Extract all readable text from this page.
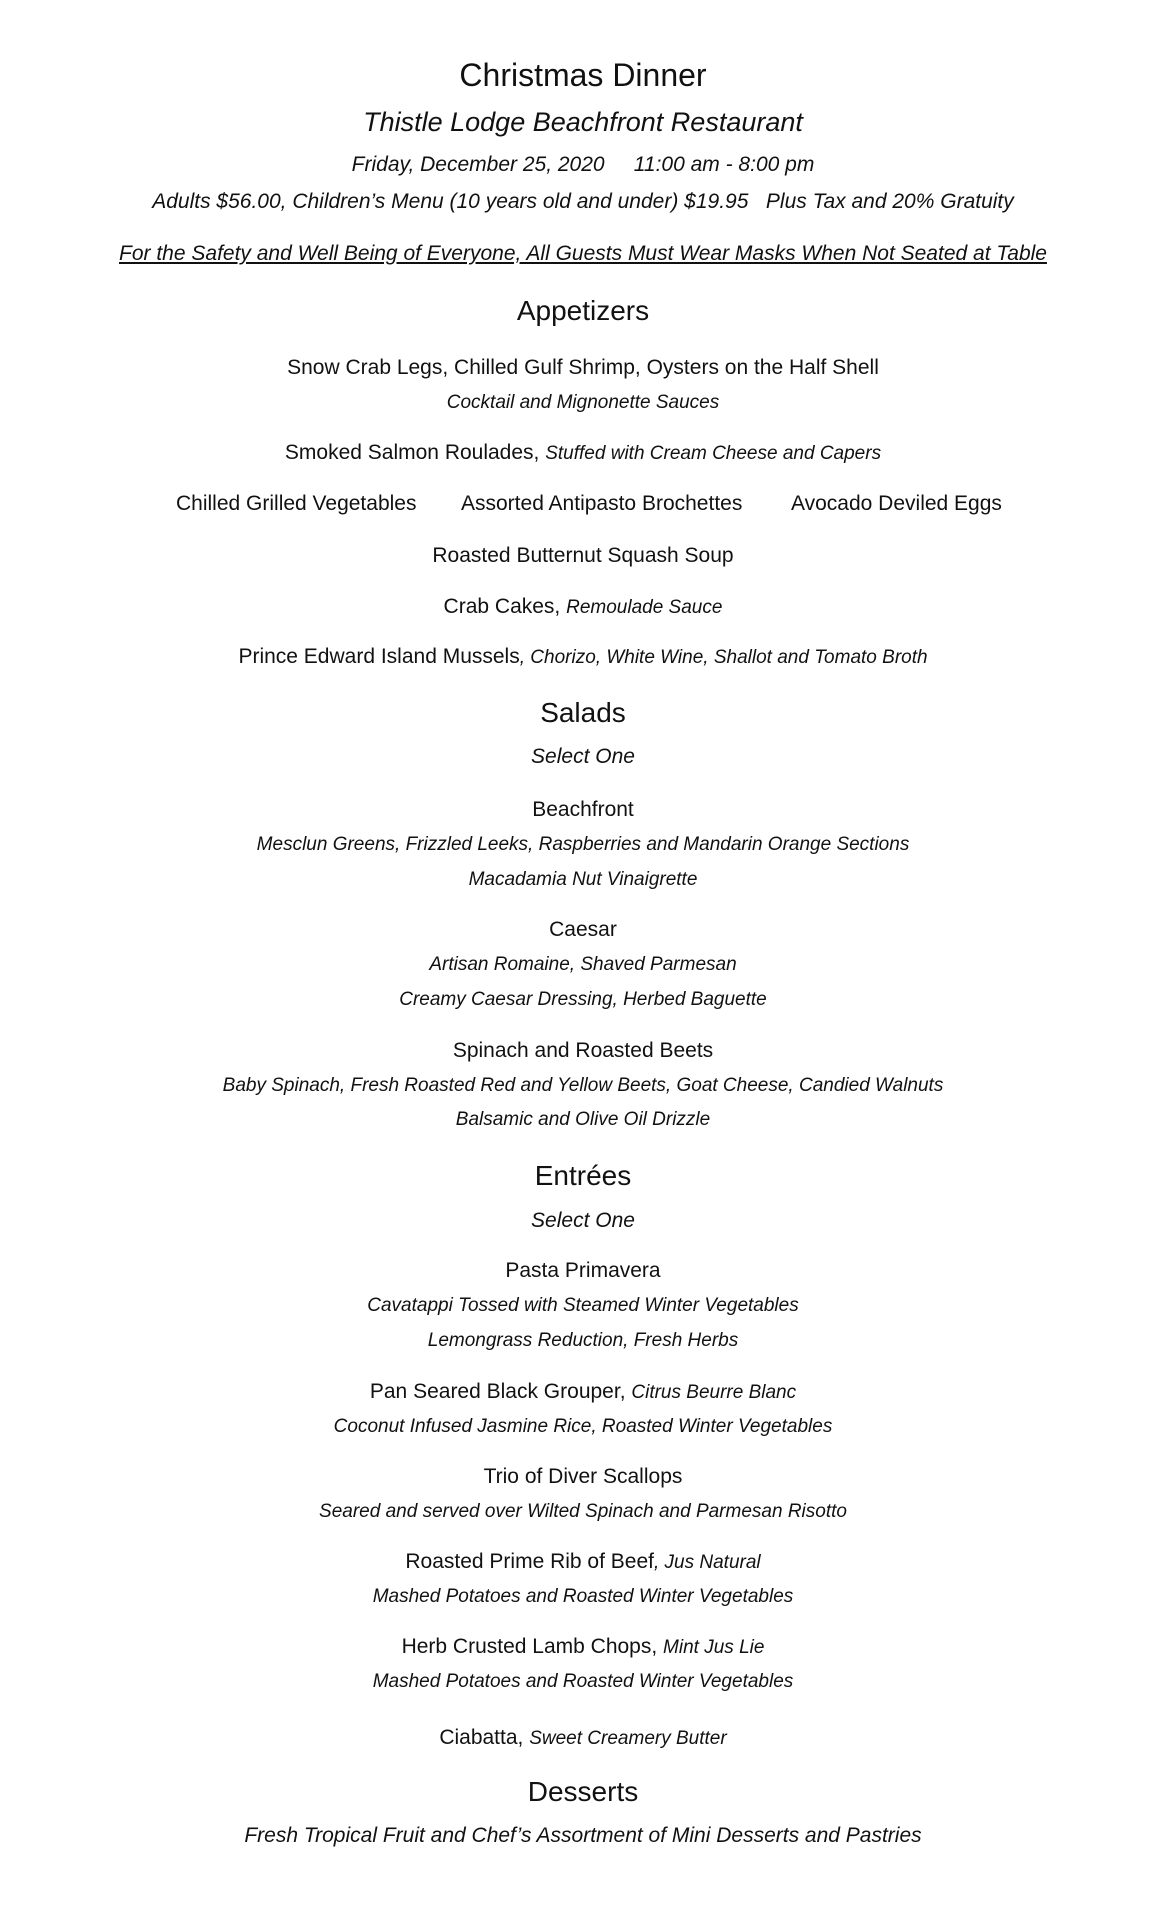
Christmas Dinner
Thistle Lodge Beachfront Restaurant
Friday, December 25, 2020 11:00 am - 8:00 pm
Adults $56.00, Children’s Menu (10 years old and under) $19.95 Plus Tax and 20% Gratuity
For the Safety and Well Being of Everyone, All Guests Must Wear Masks When Not Seated at Table
Appetizers
Snow Crab Legs, Chilled Gulf Shrimp, Oysters on the Half Shell
Cocktail and Mignonette Sauces
Smoked Salmon Roulades, Stuffed with Cream Cheese and Capers
Chilled Grilled Vegetables Assorted Antipasto Brochettes Avocado Deviled Eggs
Roasted Butternut Squash Soup
Crab Cakes, Remoulade Sauce
Prince Edward Island Mussels, Chorizo, White Wine, Shallot and Tomato Broth
Salads
Select One
Beachfront
Mesclun Greens, Frizzled Leeks, Raspberries and Mandarin Orange Sections
Macadamia Nut Vinaigrette
Caesar
Artisan Romaine, Shaved Parmesan
Creamy Caesar Dressing, Herbed Baguette
Spinach and Roasted Beets
Baby Spinach, Fresh Roasted Red and Yellow Beets, Goat Cheese, Candied Walnuts
Balsamic and Olive Oil Drizzle
Entrées
Select One
Pasta Primavera
Cavatappi Tossed with Steamed Winter Vegetables
Lemongrass Reduction, Fresh Herbs
Pan Seared Black Grouper, Citrus Beurre Blanc
Coconut Infused Jasmine Rice, Roasted Winter Vegetables
Trio of Diver Scallops
Seared and served over Wilted Spinach and Parmesan Risotto
Roasted Prime Rib of Beef, Jus Natural
Mashed Potatoes and Roasted Winter Vegetables
Herb Crusted Lamb Chops, Mint Jus Lie
Mashed Potatoes and Roasted Winter Vegetables
Ciabatta, Sweet Creamery Butter
Desserts
Fresh Tropical Fruit and Chef’s Assortment of Mini Desserts and Pastries
